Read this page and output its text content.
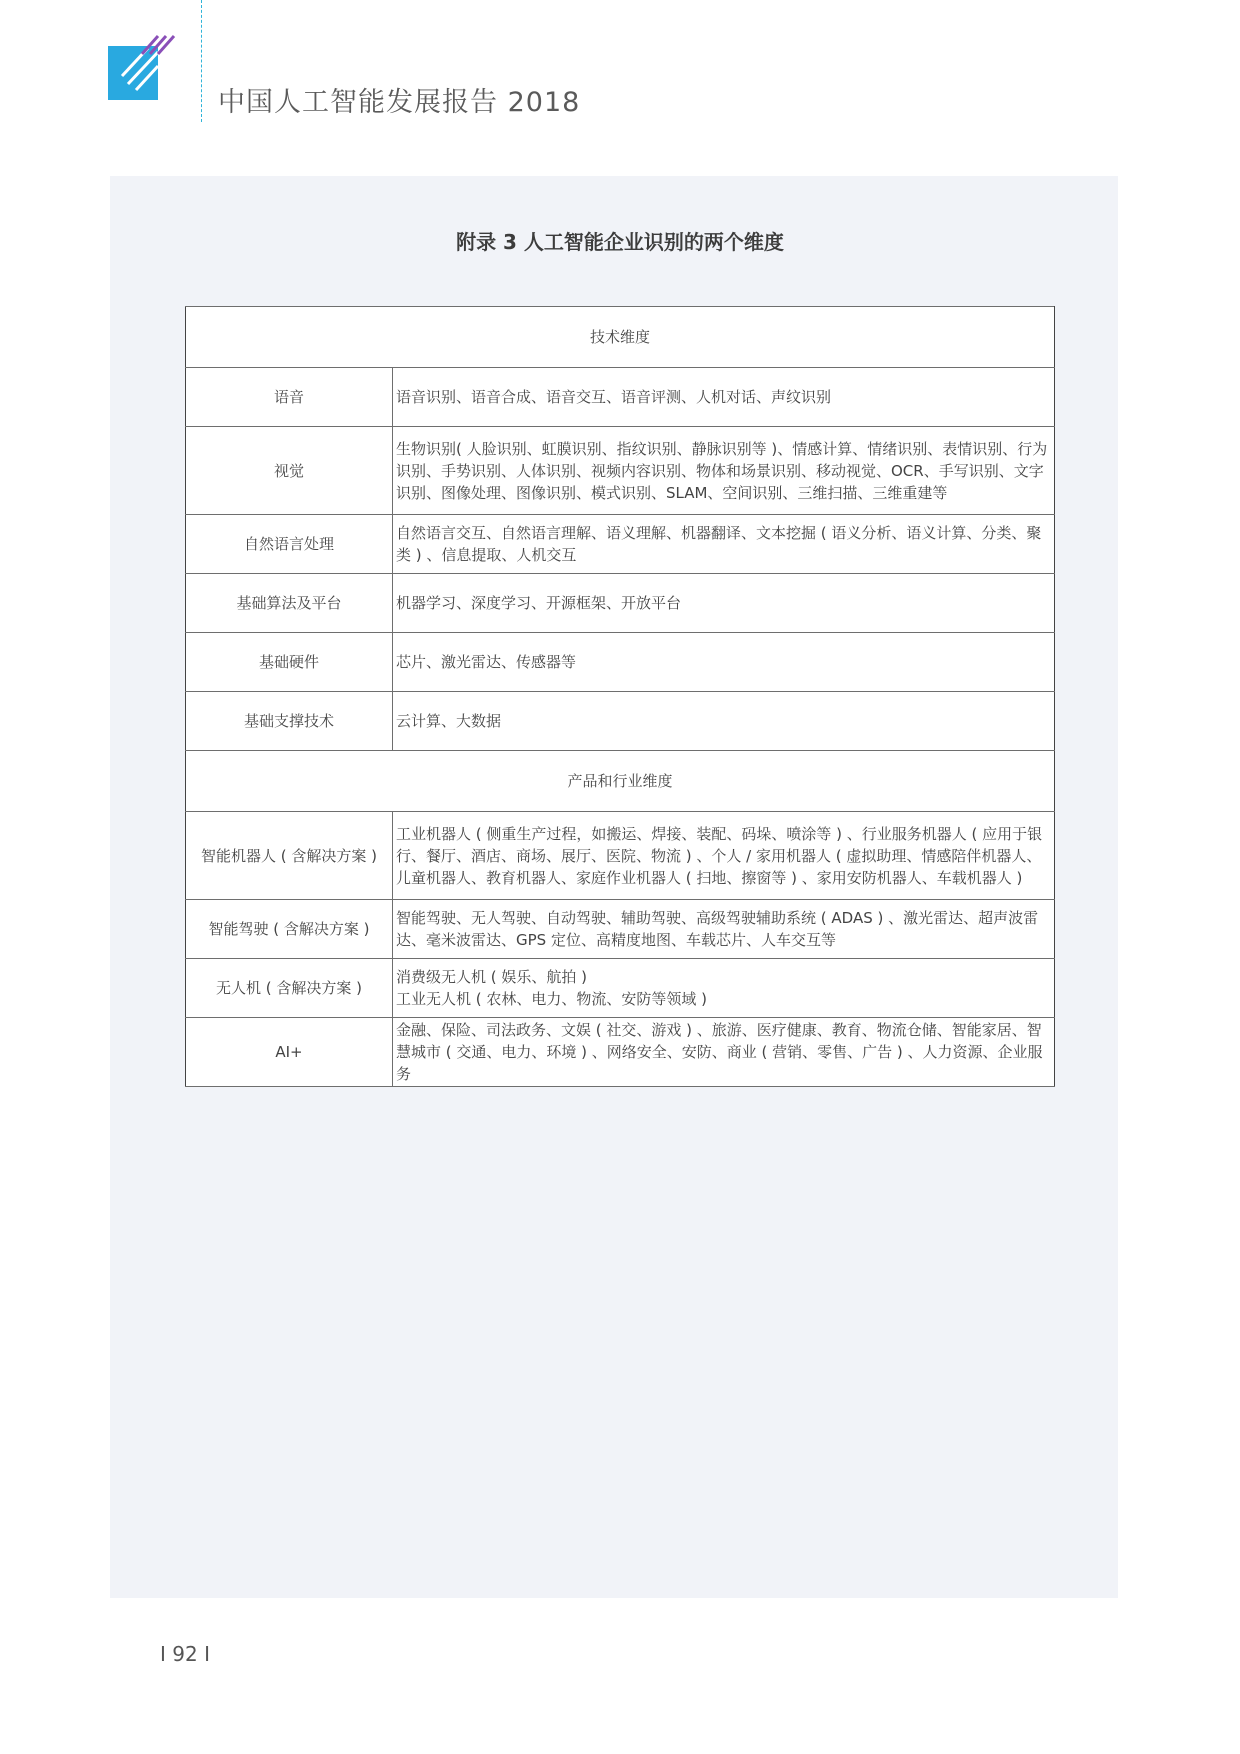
CISTP	中国人工智能发展报告 2018
附录 3 人工智能企业识别的两个维度
技术维度	
语音	语音识别、语音合成、语音交互、语音评测、人机对话、声纹识别
视觉	生物识别( 人脸识别、虹膜识别、指纹识别、静脉识别等 )、情感计算、情绪识别、表情识别、行为识别、手势识别、人体识别、视频内容识别、物体和场景识别、移动视觉、OCR、手写识别、文字识别、图像处理、图像识别、模式识别、SLAM、空间识别、三维扫描、三维重建等
自然语言处理	自然语言交互、自然语言理解、语义理解、机器翻译、文本挖掘 ( 语义分析、语义计算、分类、聚类 ) 、信息提取、人机交互
基础算法及平台	机器学习、深度学习、开源框架、开放平台
基础硬件	芯片、激光雷达、传感器等
基础支撑技术	云计算、大数据
产品和行业维度	
智能机器人 ( 含解决方案 )	工业机器人 ( 侧重生产过程，如搬运、焊接、装配、码垛、喷涂等 ) 、行业服务机器人 ( 应用于银行、餐厅、酒店、商场、展厅、医院、物流 ) 、个人 / 家用机器人 ( 虚拟助理、情感陪伴机器人、儿童机器人、教育机器人、家庭作业机器人 ( 扫地、擦窗等 ) 、家用安防机器人、车载机器人 )
智能驾驶 ( 含解决方案 )	智能驾驶、无人驾驶、自动驾驶、辅助驾驶、高级驾驶辅助系统 ( ADAS ) 、激光雷达、超声波雷达、毫米波雷达、GPS 定位、高精度地图、车载芯片、人车交互等
无人机 ( 含解决方案 )	消费级无人机 ( 娱乐、航拍 )
工业无人机 ( 农林、电力、物流、安防等领域 )
AI+	金融、保险、司法政务、文娱 ( 社交、游戏 ) 、旅游、医疗健康、教育、物流仓储、智能家居、智慧城市 ( 交通、电力、环境 ) 、网络安全、安防、商业 ( 营销、零售、广告 ) 、人力资源、企业服务
I 92 I
